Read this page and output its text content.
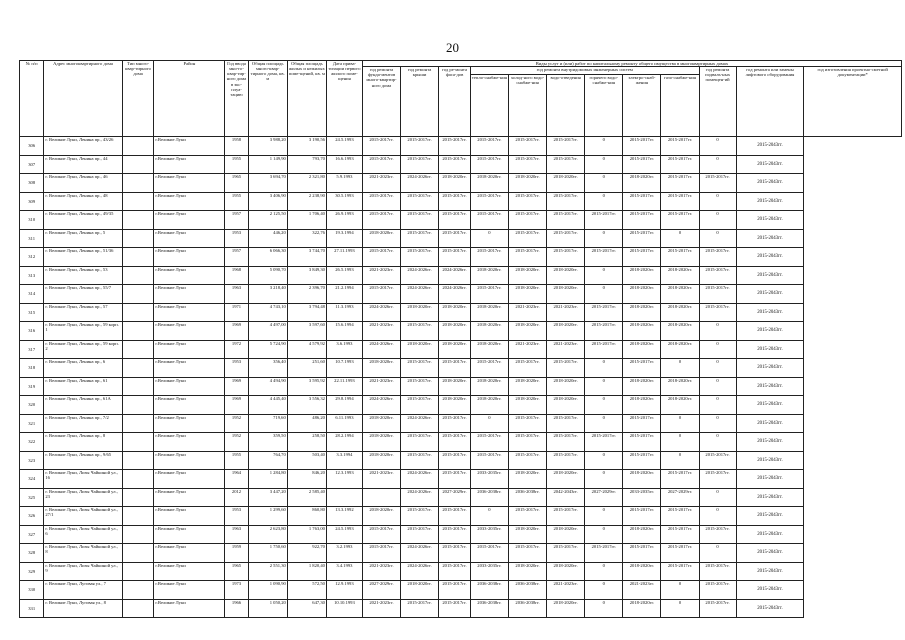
20
№ п/п	Адрес многоквартирного дома	Тип много-квар-тирного дома	Район	Год ввода мно-го-квар-тир-ного дома в экс-плуа-тацию	Общая площадь много-квар-тирного дома, кв. м	Общая площадь жилых и нежилых поме-щений, кв. м	Дата прива-тизации первого жилого поме-щения	Виды услуг и (или) работ по капитальному ремонту общего имущества в многоквартирных домах											
								год ремонта фунда-ментов много-квартир-ного дома	год ремонта крыши	год ре-монта фаса-дов	год ремонта внутридомовых инженерных систем						год ремонта подваль-ных помещен-ий	год ремонта или замены лифтового оборудования	год изготовления проектно-сметной документации*
											тепло-снабже-ния	холод-ного водо-снабже-ния	водо-отведения	горячего водо-снабже-ния	электро-снаб-жения	газо-снабже-ния			
306	г. Великие Луки, Ленина пр., 43/26		г.Великие Луки	1958	3 988,20	3 190,56	24.5.1993	2015-2017гг.	2015-2017гг.	2015-2017гг.	2015-2017гг.	2015-2017гг.	2015-2017гг.	0	2015-2017гг.	2015-2017гг.	0	2015-2043гг.	
307	г. Великие Луки, Ленина пр., 44		г.Великие Луки	1955	1 149,90	793,70	16.6.1993	2015-2017гг.	2015-2017гг.	2015-2017гг.	2015-2017гг.	2015-2017гг.	2015-2017гг.	0	2015-2017гг.	2015-2017гг.	0	2015-2043гг.	
308	г. Великие Луки, Ленина пр., 46		г.Великие Луки	1965	3 694,70	2 321,80	5.9.1993	2021-2023гг.	2024-2026гг.	2018-2020гг.	2018-2020гг.	2018-2020гг.	2018-2020гг.	0	2018-2020гг.	2015-2017гг.	2015-2017гг.	2015-2043гг.	
309	г. Великие Луки, Ленина пр., 48		г.Великие Луки	1955	3 406,90	2 238,90	30.5.1993	2015-2017гг.	2015-2017гг.	2015-2017гг.	2015-2017гг.	2015-2017гг.	2015-2017гг.	0	2015-2017гг.	2015-2017гг.	0	2015-2043гг.	
310	г. Великие Луки, Ленина пр., 49/35		г.Великие Луки	1957	2 125,50	1 706,40	26.9.1993	2015-2017гг.	2015-2017гг.	2015-2017гг.	2015-2017гг.	2015-2017гг.	2015-2017гг.	2015-2017гг.	2015-2017гг.	2015-2017гг.	0	2015-2043гг.	
311	г. Великие Луки, Ленина пр., 5		г.Великие Луки	1953	446,20	322,76	19.3.1994	2018-2020гг.	2015-2017гг.	2015-2017гг.	0	2015-2017гг.	2015-2017гг.	0	2015-2017гг.	0	0	2015-2043гг.	
312	г. Великие Луки, Ленина пр., 51/36		г.Великие Луки	1957	6 066,30	3 744,70	27.11.1993	2015-2017гг.	2015-2017гг.	2015-2017гг.	2015-2017гг.	2015-2017гг.	2015-2017гг.	2015-2017гг.	2015-2017гг.	2015-2017гг.	2015-2017гг.	2015-2043гг.	
313	г. Великие Луки, Ленина пр., 53		г.Великие Луки	1968	5 090,70	3 849,30	26.5.1993	2021-2023гг.	2024-2026гг.	2024-2026гг.	2018-2020гг.	2018-2020гг.	2018-2020гг.	0	2018-2020гг.	2018-2020гг.	2015-2017гг.	2015-2043гг.	
314	г. Великие Луки, Ленина пр., 55/7		г.Великие Луки	1963	3 218,40	2 396,70	21.2.1994	2015-2017гг.	2024-2026гг.	2024-2026гг.	2015-2017гг.	2018-2020гг.	2018-2020гг.	0	2018-2020гг.	2018-2020гг.	2015-2017гг.	2015-2043гг.	
315	г. Великие Луки, Ленина пр., 57		г.Великие Луки	1971	4 743,10	3 794,48	11.3.1993	2024-2026гг.	2018-2020гг.	2018-2020гг.	2018-2020гг.	2021-2023гг.	2021-2023гг.	2015-2017гг.	2018-2020гг.	2018-2020гг.	2015-2017гг.	2015-2043гг.	
316	г. Великие Луки, Ленина пр., 59 корп. 1		г.Великие Луки	1969	4 497,00	3 597,60	15.6.1994	2021-2023гг.	2015-2017гг.	2018-2020гг.	2018-2020гг.	2018-2020гг.	2018-2020гг.	2015-2017гг.	2018-2020гг.	2018-2020гг.	0	2015-2043гг.	
317	г. Великие Луки, Ленина пр., 59 корп. 2		г.Великие Луки	1972	5 724,90	4 579,92	3.6.1993	2024-2026гг.	2018-2020гг.	2018-2020гг.	2018-2020гг.	2021-2023гг.	2021-2023гг.	2015-2017гг.	2018-2020гг.	2018-2020гг.	0	2015-2043гг.	
318	г. Великие Луки, Ленина пр., 6		г.Великие Луки	1953	356,40	251,60	10.7.1993	2018-2020гг.	2015-2017гг.	2015-2017гг.	2015-2017гг.	2015-2017гг.	2015-2017гг.	0	2015-2017гг.	0	0	2015-2043гг.	
319	г. Великие Луки, Ленина пр., 61		г.Великие Луки	1969	4 494,90	3 595,92	22.11.1993	2021-2023гг.	2015-2017гг.	2018-2020гг.	2018-2020гг.	2018-2020гг.	2018-2020гг.	0	2018-2020гг.	2018-2020гг.	0	2015-2043гг.	
320	г. Великие Луки, Ленина пр., 61А		г.Великие Луки	1969	4 445,40	3 556,32	29.8.1994	2024-2026гг.	2015-2017гг.	2018-2020гг.	2018-2020гг.	2018-2020гг.	2018-2020гг.	0	2018-2020гг.	2018-2020гг.	0	2015-2043гг.	
321	г. Великие Луки, Ленина пр., 7/2		г.Великие Луки	1952	719,60	486,20	6.11.1993	2018-2020гг.	2024-2026гг.	2015-2017гг.	0	2015-2017гг.	2015-2017гг.	0	2015-2017гг.	0	0	2015-2043гг.	
322	г. Великие Луки, Ленина пр., 8		г.Великие Луки	1952	359,50	258,50	28.2.1994	2018-2020гг.	2015-2017гг.	2015-2017гг.	2015-2017гг.	2015-2017гг.	2015-2017гг.	2015-2017гг.	2015-2017гг.	0	0	2015-2043гг.	
323	г. Великие Луки, Ленина пр., 9/65		г.Великие Луки	1955	764,70	503,40	3.3.1994	2018-2020гг.	2015-2017гг.	2015-2017гг.	2015-2017гг.	2015-2017гг.	2015-2017гг.	0	2015-2017гг.	0	2015-2017гг.	2015-2043гг.	
324	г. Великие Луки, Лизы Чайкиной ул., 16		г.Великие Луки	1964	1 284,80	846,20	12.3.1993	2021-2023гг.	2024-2026гг.	2015-2017гг.	2033-2035гг.	2018-2020гг.	2018-2020гг.	0	2018-2020гг.	2015-2017гг.	2015-2017гг.	2015-2043гг.	
325	г. Великие Луки, Лизы Чайкиной ул., 23		г.Великие Луки	2012	3 447,20	2 585,40			2024-2026гг.	2027-2029гг.	2036-2038гг.	2036-2038гг.	2042-2043гг.	2027-2029гг.	2033-2035гг.	2027-2029гг.	0	2015-2043гг.	
326	г. Великие Луки, Лизы Чайкиной ул., 27/1		г.Великие Луки	1953	1 299,60	860,80	13.3.1992	2018-2020гг.	2015-2017гг.	2015-2017гг.	0	2015-2017гг.	2015-2017гг.	0	2015-2017гг.	2015-2017гг.	0	2015-2043гг.	
327	г. Великие Луки, Лизы Чайкиной ул., 6		г.Великие Луки	1963	2 623,80	1 763,00	24.5.1993	2015-2017гг.	2015-2017гг.	2015-2017гг.	2033-2035гг.	2018-2020гг.	2018-2020гг.	0	2018-2020гг.	2015-2017гг.	2015-2017гг.	2015-2043гг.	
328	г. Великие Луки, Лизы Чайкиной ул., 8		г.Великие Луки	1959	1 750,60	922,70	3.2.1993	2015-2017гг.	2024-2026гг.	2015-2017гг.	2015-2017гг.	2015-2017гг.	2015-2017гг.	2015-2017гг.	2015-2017гг.	2015-2017гг.	0	2015-2043гг.	
329	г. Великие Луки, Лизы Чайкиной ул., 9		г.Великие Луки	1965	2 551,30	1 820,40	3.4.1993	2021-2023гг.	2024-2026гг.	2015-2017гг.	2033-2035гг.	2018-2020гг.	2018-2020гг.	0	2018-2020гг.	2015-2017гг.	2015-2017гг.	2015-2043гг.	
330	г. Великие Луки, Луговая ул., 7		г.Великие Луки	1973	1 090,90	572,50	12.9.1993	2027-2029гг.	2018-2020гг.	2015-2017гг.	2036-2038гг.	2036-2038гг.	2021-2023гг.	0	2021-2023гг.	0	2015-2017гг.	2015-2043гг.	
331	г. Великие Луки, Луговая ул., 8		г.Великие Луки	1966	1 050,20	647,30	10.10.1993	2021-2023гг.	2015-2017гг.	2015-2017гг.	2036-2038гг.	2036-2038гг.	2018-2020гг.	0	2018-2020гг.	0	2015-2017гг.	2015-2043гг.	
